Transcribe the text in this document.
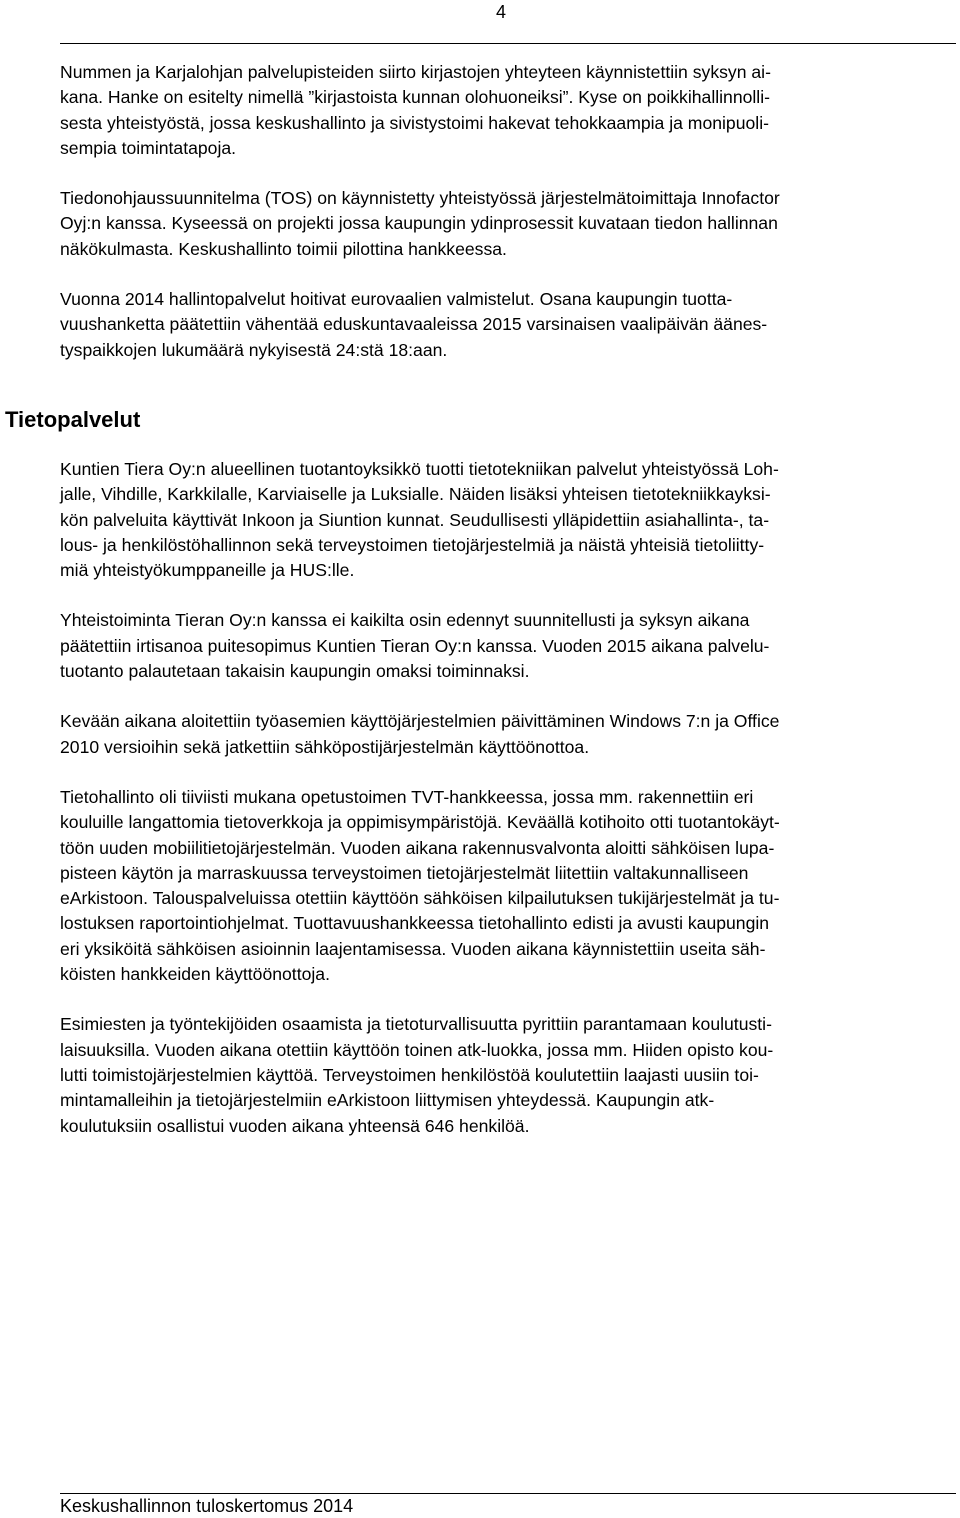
4

Nummen ja Karjalohjan palvelupisteiden siirto kirjastojen yhteyteen käynnistettiin syksyn ai-

kana. Hanke on esitelty nimellä ”kirjastoista kunnan olohuoneiksi”. Kyse on poikkihallinnolli-

sesta yhteistyöstä, jossa keskushallinto ja sivistystoimi hakevat tehokkaampia ja monipuoli-

sempia toimintatapoja.

Tiedonohjaussuunnitelma (TOS) on käynnistetty yhteistyössä järjestelmätoimittaja Innofactor

Oyj:n kanssa. Kyseessä on projekti jossa kaupungin ydinprosessit kuvataan tiedon hallinnan

näkökulmasta. Keskushallinto toimii pilottina hankkeessa.

Vuonna 2014 hallintopalvelut hoitivat eurovaalien valmistelut. Osana kaupungin tuotta-

vuushanketta päätettiin vähentää eduskuntavaaleissa 2015 varsinaisen vaalipäivän äänes-

tyspaikkojen lukumäärä nykyisestä 24:stä 18:aan.

Tietopalvelut

Kuntien Tiera Oy:n alueellinen tuotantoyksikkö tuotti tietotekniikan palvelut yhteistyössä Loh-

jalle, Vihdille, Karkkilalle, Karviaiselle ja Luksialle. Näiden lisäksi yhteisen tietotekniikkayksi-

kön palveluita käyttivät Inkoon ja Siuntion kunnat. Seudullisesti ylläpidettiin asiahallinta-, ta-

lous- ja henkilöstöhallinnon sekä terveystoimen tietojärjestelmiä ja näistä yhteisiä tietoliitty-

miä yhteistyökumppaneille ja HUS:lle.

Yhteistoiminta Tieran Oy:n kanssa ei kaikilta osin edennyt suunnitellusti ja syksyn aikana

päätettiin irtisanoa puitesopimus Kuntien Tieran Oy:n kanssa. Vuoden 2015 aikana palvelu-

tuotanto palautetaan takaisin kaupungin omaksi toiminnaksi.

Kevään aikana aloitettiin työasemien käyttöjärjestelmien päivittäminen Windows 7:n ja Office

2010 versioihin sekä jatkettiin sähköpostijärjestelmän käyttöönottoa.

Tietohallinto oli tiiviisti mukana opetustoimen TVT-hankkeessa, jossa mm. rakennettiin eri

kouluille langattomia tietoverkkoja ja oppimisympäristöjä. Keväällä kotihoito otti tuotantokäyt-

töön uuden mobiilitietojärjestelmän. Vuoden aikana rakennusvalvonta aloitti sähköisen lupa-

pisteen käytön ja marraskuussa terveystoimen tietojärjestelmät liitettiin valtakunnalliseen

eArkistoon. Talouspalveluissa otettiin käyttöön sähköisen kilpailutuksen tukijärjestelmät ja tu-

lostuksen raportointiohjelmat. Tuottavuushankkeessa tietohallinto edisti ja avusti kaupungin

eri yksiköitä sähköisen asioinnin laajentamisessa. Vuoden aikana käynnistettiin useita säh-

köisten hankkeiden käyttöönottoja.

Esimiesten ja työntekijöiden osaamista ja tietoturvallisuutta pyrittiin parantamaan koulutusti-

laisuuksilla. Vuoden aikana otettiin käyttöön toinen atk-luokka, jossa mm. Hiiden opisto kou-

lutti toimistojärjestelmien käyttöä. Terveystoimen henkilöstöä koulutettiin laajasti uusiin toi-

mintamalleihin ja tietojärjestelmiin eArkistoon liittymisen yhteydessä. Kaupungin atk-

koulutuksiin osallistui vuoden aikana yhteensä 646 henkilöä.

Keskushallinnon tuloskertomus 2014
